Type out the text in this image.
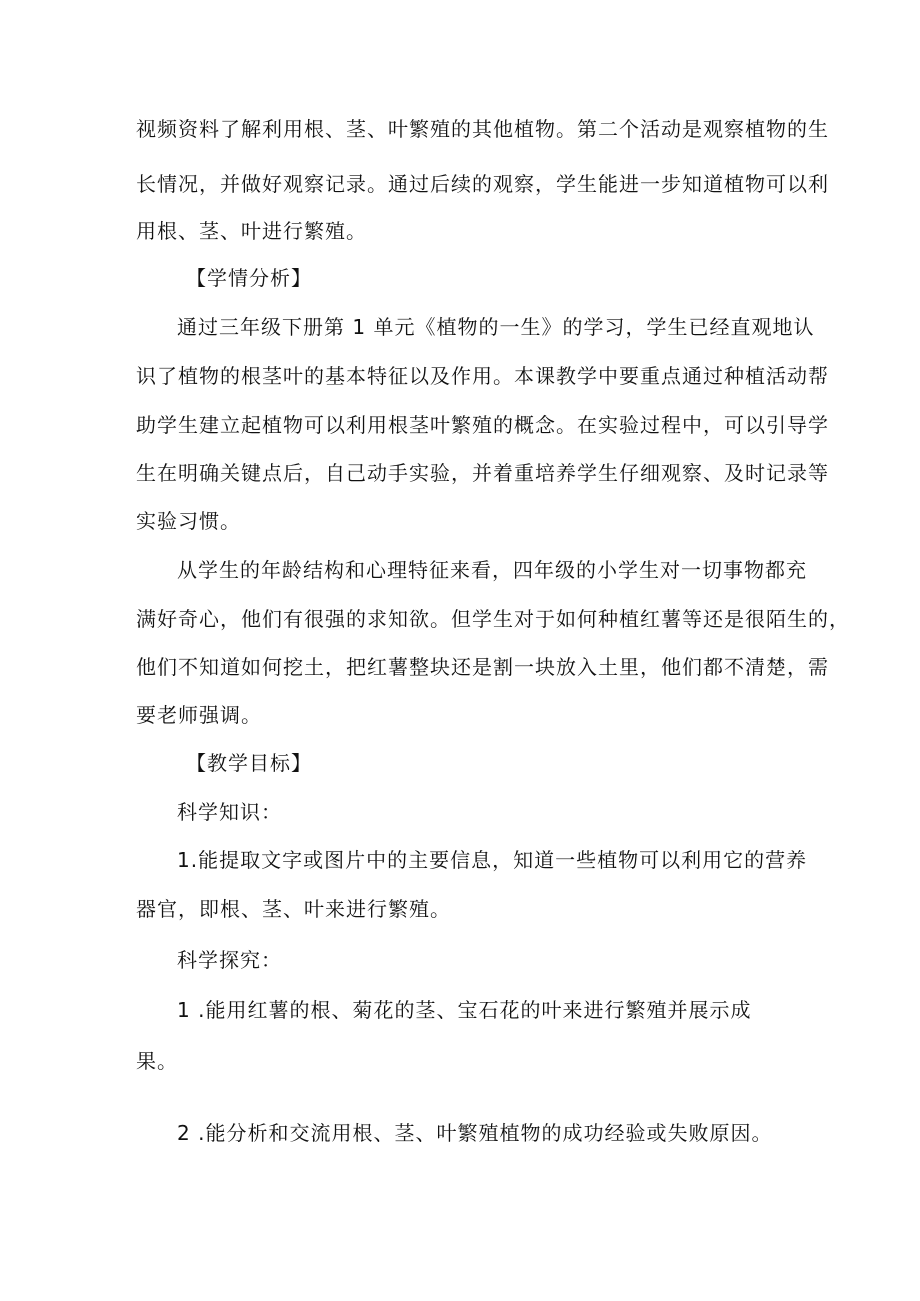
视频资料了解利用根、茎、叶繁殖的其他植物。第二个活动是观察植物的生
长情况，并做好观察记录。通过后续的观察，学生能进一步知道植物可以利
用根、茎、叶进行繁殖。
【学情分析】
通过三年级下册第 1 单元《植物的一生》的学习，学生已经直观地认
识了植物的根茎叶的基本特征以及作用。本课教学中要重点通过种植活动帮
助学生建立起植物可以利用根茎叶繁殖的概念。在实验过程中，可以引导学
生在明确关键点后，自己动手实验，并着重培养学生仔细观察、及时记录等
实验习惯。
从学生的年龄结构和心理特征来看，四年级的小学生对一切事物都充
满好奇心，他们有很强的求知欲。但学生对于如何种植红薯等还是很陌生的，
他们不知道如何挖土，把红薯整块还是割一块放入土里，他们都不清楚，需
要老师强调。
【教学目标】
科学知识：
1.能提取文字或图片中的主要信息，知道一些植物可以利用它的营养
器官，即根、茎、叶来进行繁殖。
科学探究：
1 .能用红薯的根、菊花的茎、宝石花的叶来进行繁殖并展示成
果。
2 .能分析和交流用根、茎、叶繁殖植物的成功经验或失败原因。
